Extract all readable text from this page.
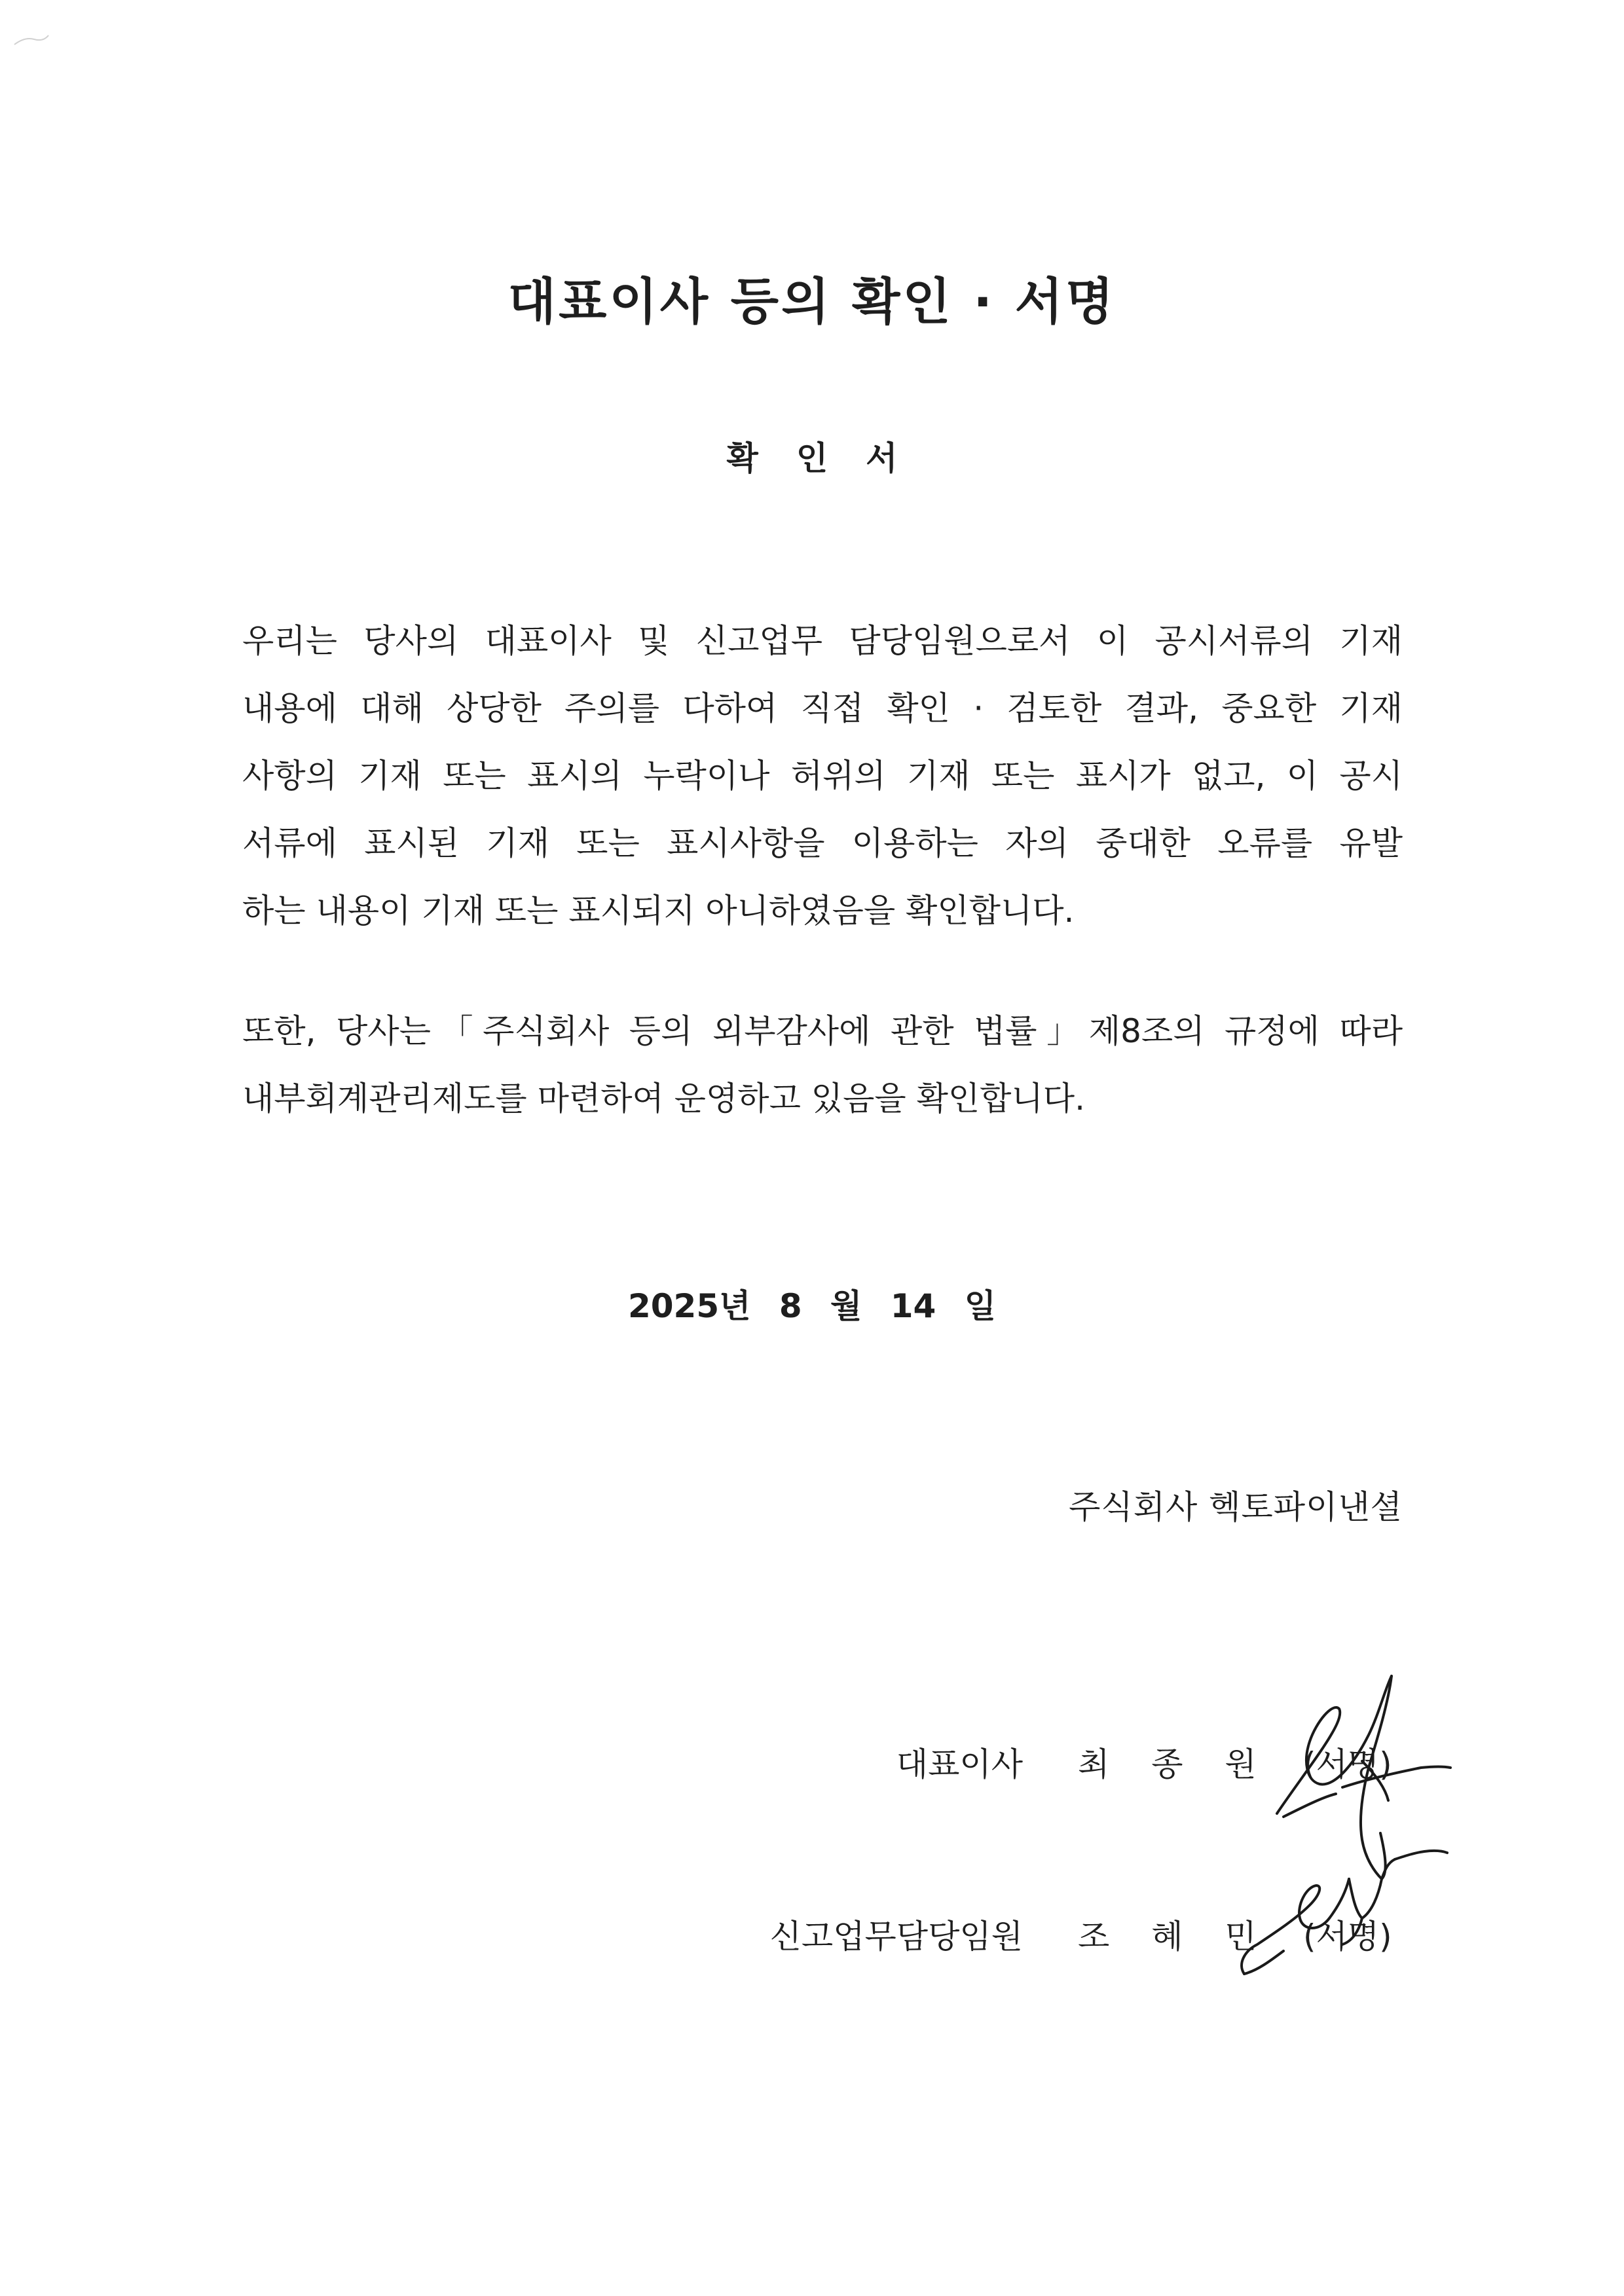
대표이사 등의 확인 · 서명
확인서
우리는 당사의 대표이사 및 신고업무 담당임원으로서 이 공시서류의 기재
내용에 대해 상당한 주의를 다하여 직접 확인 · 검토한 결과, 중요한 기재
사항의 기재 또는 표시의 누락이나 허위의 기재 또는 표시가 없고, 이 공시
서류에 표시된 기재 또는 표시사항을 이용하는 자의 중대한 오류를 유발
하는 내용이 기재 또는 표시되지 아니하였음을 확인합니다.
또한, 당사는「주식회사 등의 외부감사에 관한 법률」제8조의 규정에 따라
내부회계관리제도를 마련하여 운영하고 있음을 확인합니다.
2025년 8 월 14 일
주식회사 헥토파이낸셜
대표이사 최 종 원 (서명)
신고업무담당임원 조 혜 민 (서명)
